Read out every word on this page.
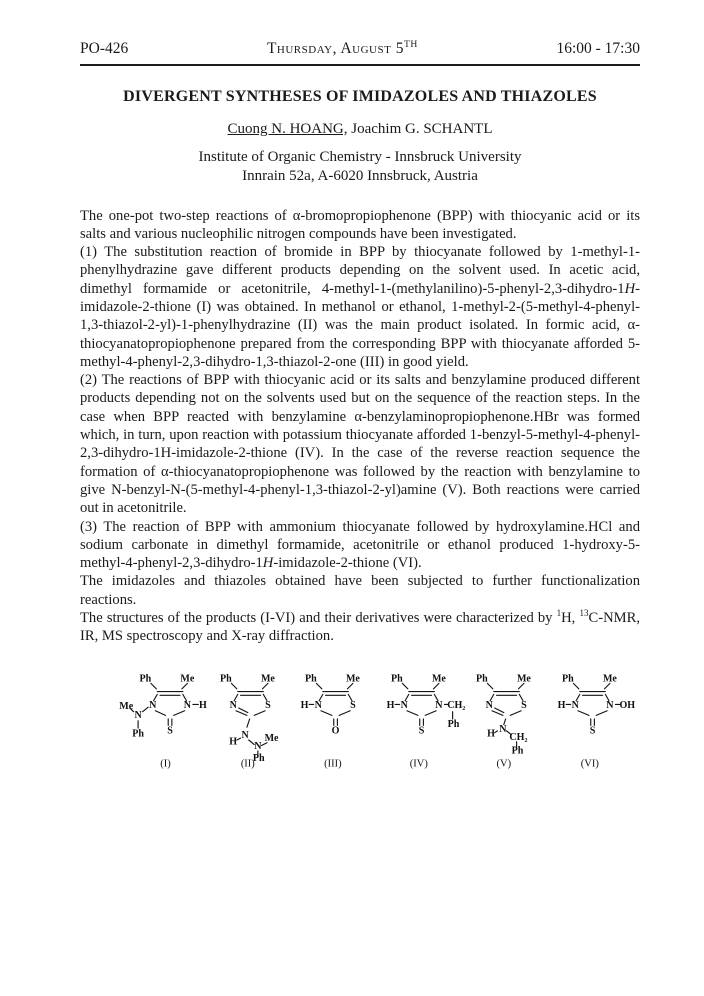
PO-426	Thursday, August 5TH	16:00 - 17:30
DIVERGENT SYNTHESES OF IMIDAZOLES AND THIAZOLES
Cuong N. HOANG, Joachim G. SCHANTL
Institute of Organic Chemistry - Innsbruck University
Innrain 52a, A-6020 Innsbruck, Austria

The one-pot two-step reactions of α-bromopropiophenone (BPP) with thiocyanic acid or its salts and various nucleophilic nitrogen compounds have been investigated.

(1) The substitution reaction of bromide in BPP by thiocyanate followed by 1-methyl-1-phenylhydrazine gave different products depending on the solvent used. In acetic acid, dimethyl formamide or acetonitrile, 4-methyl-1-(methylanilino)-5-phenyl-2,3-dihydro-1H-imidazole-2-thione (I) was obtained. In methanol or ethanol, 1-methyl-2-(5-methyl-4-phenyl-1,3-thiazol-2-yl)-1-phenylhydrazine (II) was the main product isolated. In formic acid, α-thiocyanatopropiophenone prepared from the corresponding BPP with thiocyanate afforded 5-methyl-4-phenyl-2,3-dihydro-1,3-thiazol-2-one (III) in good yield.

(2) The reactions of BPP with thiocyanic acid or its salts and benzylamine produced different products depending not on the solvents used but on the sequence of the reaction steps. In the case when BPP reacted with benzylamine α-benzylaminopropiophenone.HBr was formed which, in turn, upon reaction with potassium thiocyanate afforded 1-benzyl-5-methyl-4-phenyl-2,3-dihydro-1H-imidazole-2-thione (IV). In the case of the reverse reaction sequence the formation of α-thiocyanatopropiophenone was followed by the reaction with benzylamine to give N-benzyl-N-(5-methyl-4-phenyl-1,3-thiazol-2-yl)amine (V). Both reactions were carried out in acetonitrile.

(3) The reaction of BPP with ammonium thiocyanate followed by hydroxylamine.HCl and sodium carbonate in dimethyl formamide, acetonitrile or ethanol produced 1-hydroxy-5-methyl-4-phenyl-2,3-dihydro-1H-imidazole-2-thione (VI).

The imidazoles and thiazoles obtained have been subjected to further functionalization reactions.

The structures of the products (I-VI) and their derivatives were characterized by $^1$H, $^{13}$C-NMR, IR, MS spectroscopy and X-ray diffraction.

Ph	Me
N N H
Me
N
Ph S
(I)
Ph	Me
N	S
N
H N
Me
Ph
(II)
Ph	Me
H N	S
O
(III)
Ph	Me
H N N CH₂
Ph
S
(IV)
Ph	Me
N	S
N
H CH₂
Ph
(V)
Ph	Me
H N N OH
S
(VI)
